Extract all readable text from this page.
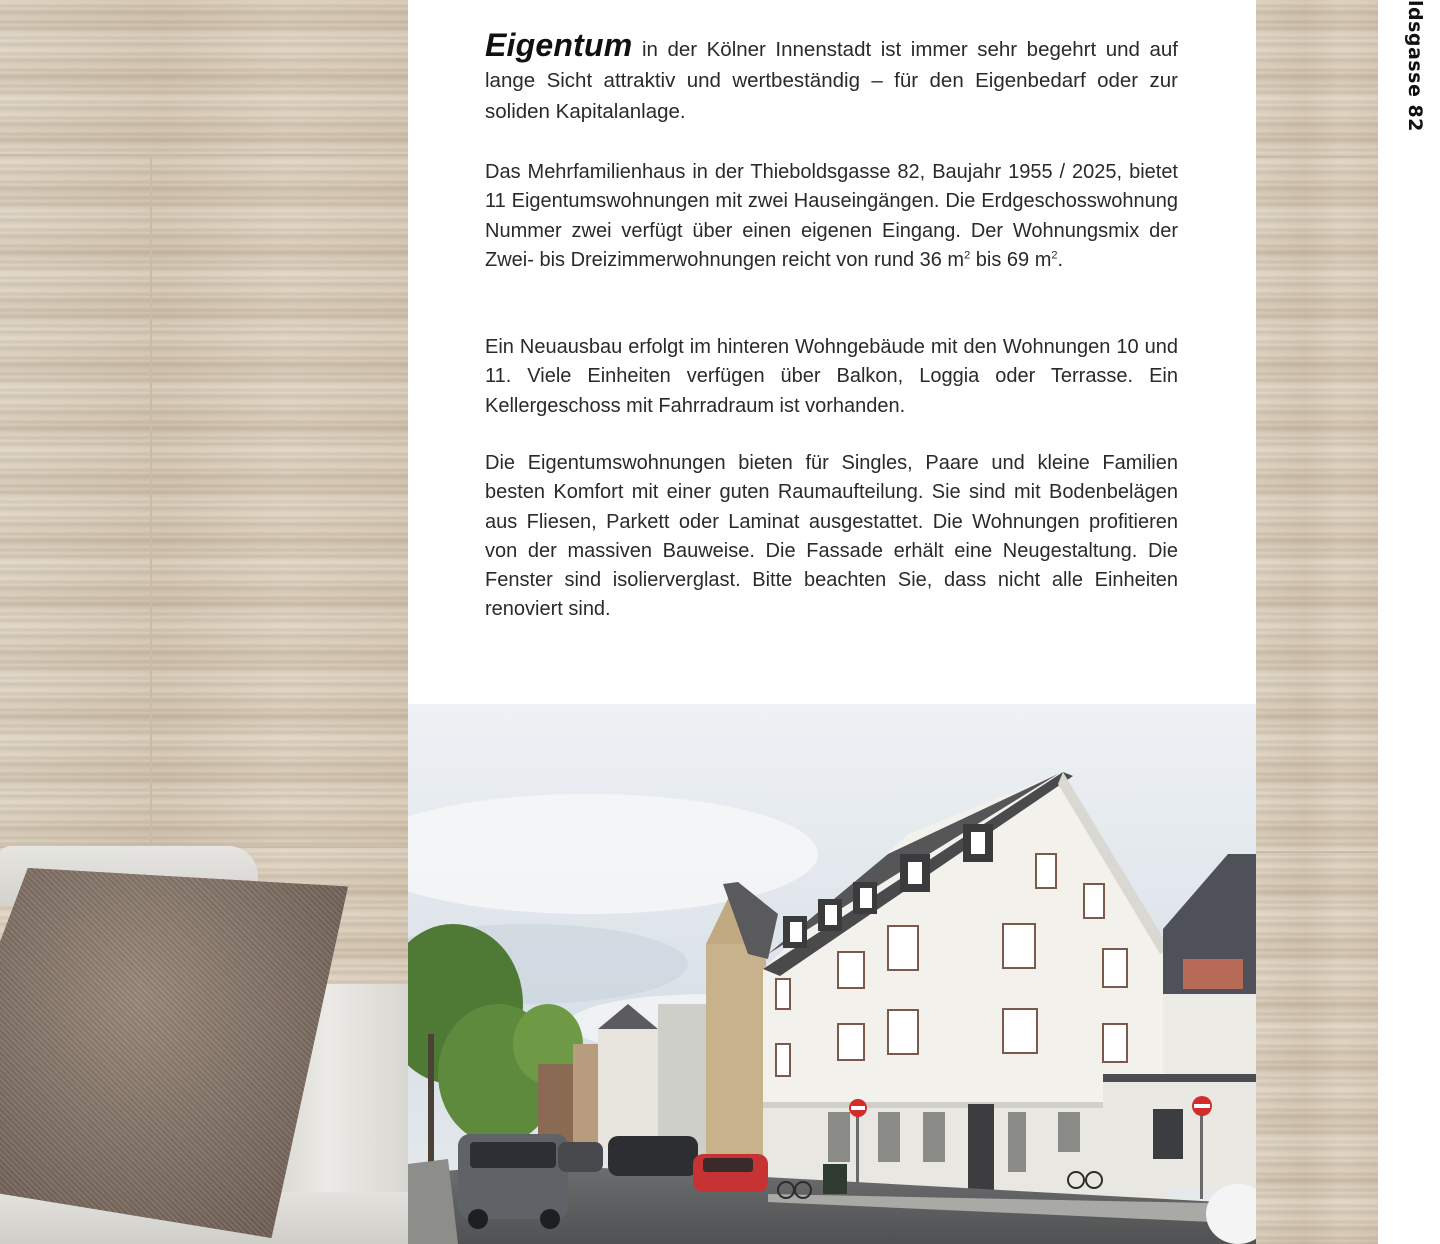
Eigentum in der Kölner Innenstadt ist immer sehr begehrt und auf lange Sicht attraktiv und wertbeständig – für den Eigenbedarf oder zur soliden Kapitalanlage.

Das Mehrfamilienhaus in der Thieboldsgasse 82, Baujahr 1955 / 2025, bietet 11 Eigentumswohnungen mit zwei Hauseingängen. Die Erdgeschosswohnung Nummer zwei verfügt über einen eigenen Eingang. Der Wohnungsmix der Zwei- bis Dreizimmerwohnungen reicht von rund 36 $m^2$ bis 69 $m^2$.

Ein Neuausbau erfolgt im hinteren Wohngebäude mit den Wohnungen 10 und 11. Viele Einheiten verfügen über Balkon, Loggia oder Terrasse. Ein Kellergeschoss mit Fahrradraum ist vorhanden.

Die Eigentumswohnungen bieten für Singles, Paare und kleine Familien besten Komfort mit einer guten Raumaufteilung. Sie sind mit Bodenbelägen aus Fliesen, Parkett oder Laminat ausgestattet. Die Wohnungen profitieren von der massiven Bauweise. Die Fassade erhält eine Neugestaltung. Die Fenster sind isolierverglast. Bitte beachten Sie, dass nicht alle Einheiten renoviert sind.

ldsgasse 82
